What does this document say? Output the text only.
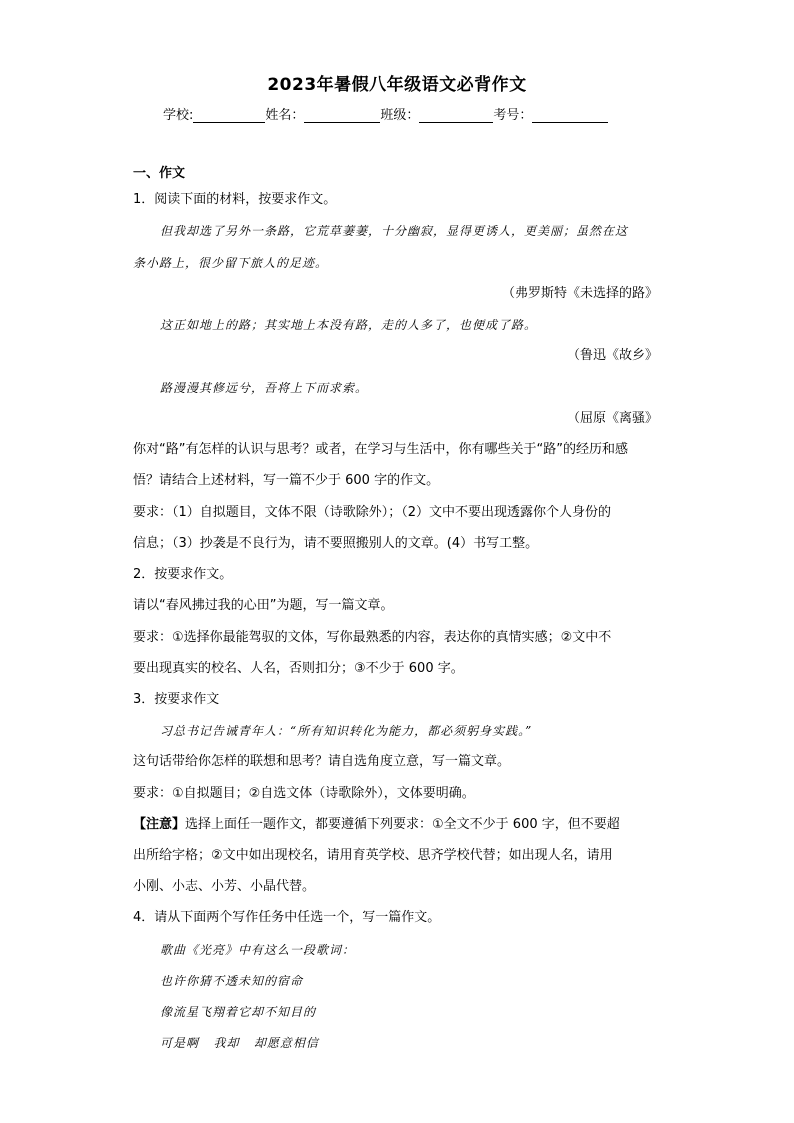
2023年暑假八年级语文必背作文
学校:	姓名：	班级：	考号：
一、作文
1．阅读下面的材料，按要求作文。
但我却选了另外一条路，它荒草萋萋，十分幽寂，显得更诱人，更美丽；虽然在这
条小路上，很少留下旅人的足迹。
（弗罗斯特《未选择的路》
这正如地上的路；其实地上本没有路，走的人多了，也便成了路。
（鲁迅《故乡》
路漫漫其修远兮，吾将上下而求索。
（屈原《离骚》
你对“路”有怎样的认识与思考？或者，在学习与生活中，你有哪些关于“路”的经历和感
悟？请结合上述材料，写一篇不少于 600 字的作文。
要求：（1）自拟题目，文体不限（诗歌除外）；（2）文中不要出现透露你个人身份的
信息；（3）抄袭是不良行为，请不要照搬别人的文章。(4）书写工整。
2．按要求作文。
请以“春风拂过我的心田”为题，写一篇文章。
要求：①选择你最能驾驭的文体，写你最熟悉的内容，表达你的真情实感；②文中不
要出现真实的校名、人名，否则扣分；③不少于 600 字。
3．按要求作文
习总书记告诫青年人：“所有知识转化为能力，都必须躬身实践。”
这句话带给你怎样的联想和思考？请自选角度立意，写一篇文章。
要求：①自拟题目；②自选文体（诗歌除外），文体要明确。
【注意】选择上面任一题作文，都要遵循下列要求：①全文不少于 600 字，但不要超
出所给字格；②文中如出现校名，请用育英学校、思齐学校代替；如出现人名，请用
小刚、小志、小芳、小晶代替。
4．请从下面两个写作任务中任选一个，写一篇作文。
歌曲《光亮》中有这么一段歌词：
也许你猜不透未知的宿命
像流星飞翔着它却不知目的
可是啊   我却   却愿意相信
